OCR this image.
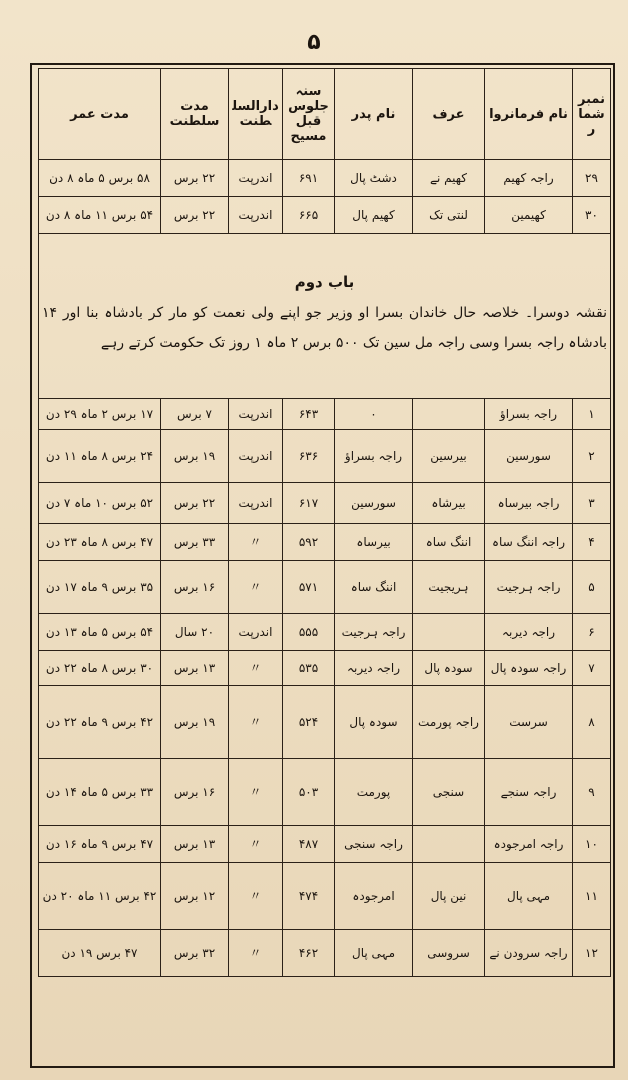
۵
نمبرشمار	نام فرمانروا	عرف	نام پدر	سنہ جلوس قبل مسیح	دارالسلطنت	مدت سلطنت	مدت عمر
۲۹	راجہ کھیم	کھیم نے	دشٹ پال	۶۹۱	اندرپت	۲۲ برس	۵۸ برس ۵ ماہ ۸ دن
۳۰	کھیمین	لنتی تک	کھیم پال	۶۶۵	اندرپت	۲۲ برس	۵۴ برس ۱۱ ماہ ۸ دن

باب دوم
نقشہ دوسرا۔ خلاصہ حال خاندان بسرا او وزیر جو اپنے ولی نعمت کو مار کر بادشاہ بنا اور ۱۴ بادشاہ راجہ بسرا وسی راجہ مل سین تک ۵۰۰ برس ۲ ماہ ۱ روز تک حکومت کرتے رہے							

۱	راجہ بسراؤ		۰	۶۴۳	اندرپت	۷ برس	۱۷ برس ۲ ماہ ۲۹ دن
۲	سورسین	بیرسین	راجہ بسراؤ	۶۳۶	اندرپت	۱۹ برس	۲۴ برس ۸ ماہ ۱۱ دن
۳	راجہ بیرساہ	بیرشاہ	سورسین	۶۱۷	اندرپت	۲۲ برس	۵۲ برس ۱۰ ماہ ۷ دن
۴	راجہ اننگ ساہ	اننگ ساہ	بیرساہ	۵۹۲	〃	۳۳ برس	۴۷ برس ۸ ماہ ۲۳ دن
۵	راجہ ہرجیت	ہریجیت	اننگ ساہ	۵۷۱	〃	۱۶ برس	۳۵ برس ۹ ماہ ۱۷ دن
۶	راجہ دیربہ		راجہ ہرجیت	۵۵۵	اندرپت	۲۰ سال	۵۴ برس ۵ ماہ ۱۳ دن
۷	راجہ سودہ پال	سودہ پال	راجہ دیربہ	۵۳۵	〃	۱۳ برس	۳۰ برس ۸ ماہ ۲۲ دن
۸	سرست	راجہ پورمت	سودہ پال	۵۲۴	〃	۱۹ برس	۴۲ برس ۹ ماہ ۲۲ دن
۹	راجہ سنجے	سنجی	پورمت	۵۰۳	〃	۱۶ برس	۳۳ برس ۵ ماہ ۱۴ دن
۱۰	راجہ امرجودہ		راجہ سنجی	۴۸۷	〃	۱۳ برس	۴۷ برس ۹ ماہ ۱۶ دن
۱۱	مہی پال	نین پال	امرجودہ	۴۷۴	〃	۱۲ برس	۴۲ برس ۱۱ ماہ ۲۰ دن
۱۲	راجہ سرودن نے	سروسی	مہی پال	۴۶۲	〃	۳۲ برس	۴۷ برس ۱۹ دن
